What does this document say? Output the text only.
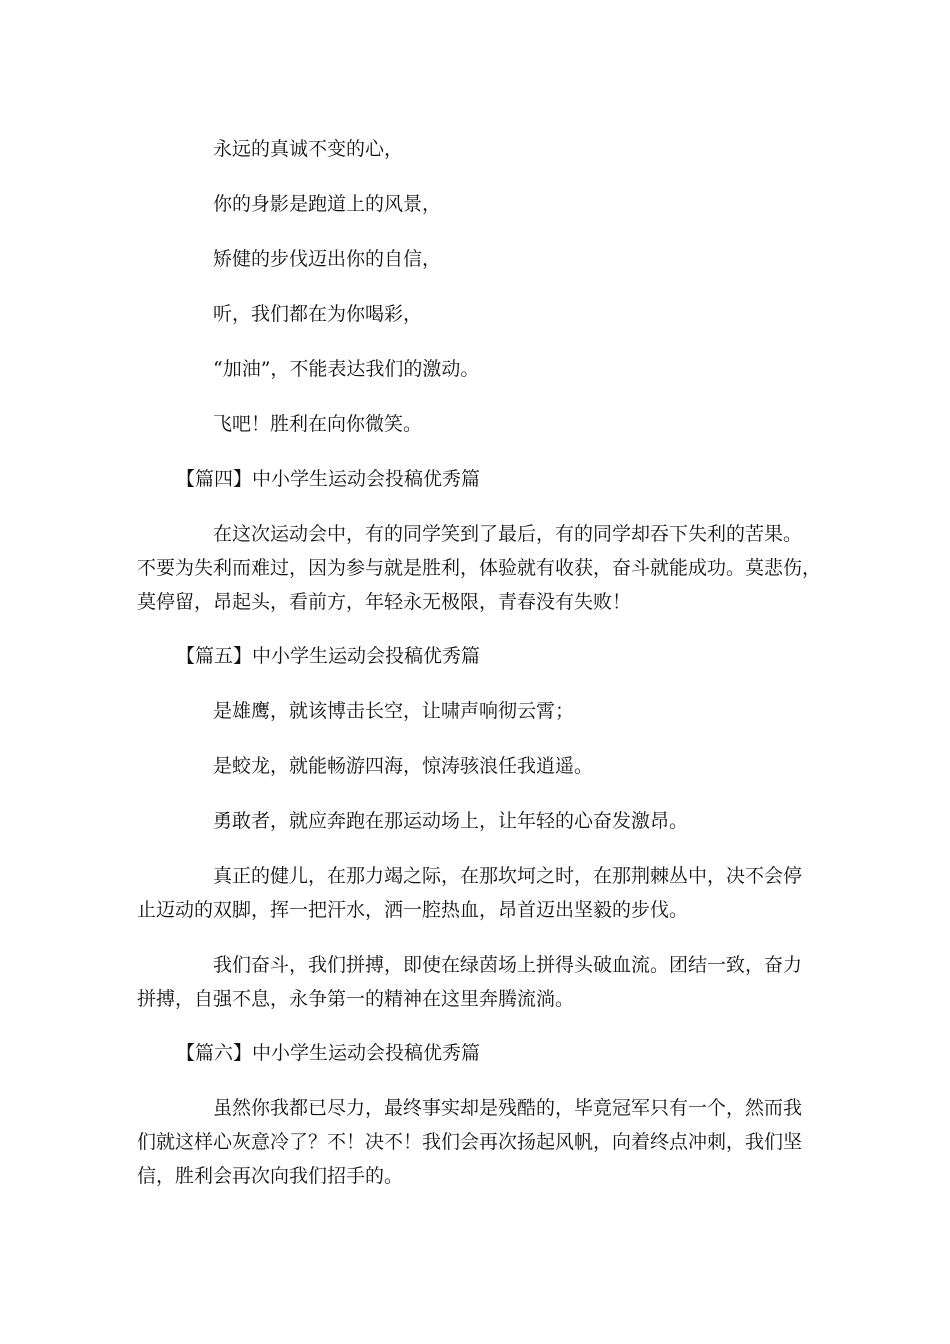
永远的真诚不变的心，

你的身影是跑道上的风景，

矫健的步伐迈出你的自信，

听，我们都在为你喝彩，

“加油”，不能表达我们的激动。

飞吧！胜利在向你微笑。

【篇四】中小学生运动会投稿优秀篇

在这次运动会中，有的同学笑到了最后，有的同学却吞下失利的苦果。

不要为失利而难过，因为参与就是胜利，体验就有收获，奋斗就能成功。莫悲伤，

莫停留，昂起头，看前方，年轻永无极限，青春没有失败！

【篇五】中小学生运动会投稿优秀篇

是雄鹰，就该博击长空，让啸声响彻云霄；

是蛟龙，就能畅游四海，惊涛骇浪任我逍遥。

勇敢者，就应奔跑在那运动场上，让年轻的心奋发激昂。

真正的健儿，在那力竭之际，在那坎坷之时，在那荆棘丛中，决不会停

止迈动的双脚，挥一把汗水，洒一腔热血，昂首迈出坚毅的步伐。

我们奋斗，我们拼搏，即使在绿茵场上拼得头破血流。团结一致，奋力

拼搏，自强不息，永争第一的精神在这里奔腾流淌。

【篇六】中小学生运动会投稿优秀篇

虽然你我都已尽力，最终事实却是残酷的，毕竟冠军只有一个，然而我

们就这样心灰意冷了？不！决不！我们会再次扬起风帆，向着终点冲刺，我们坚

信，胜利会再次向我们招手的。
